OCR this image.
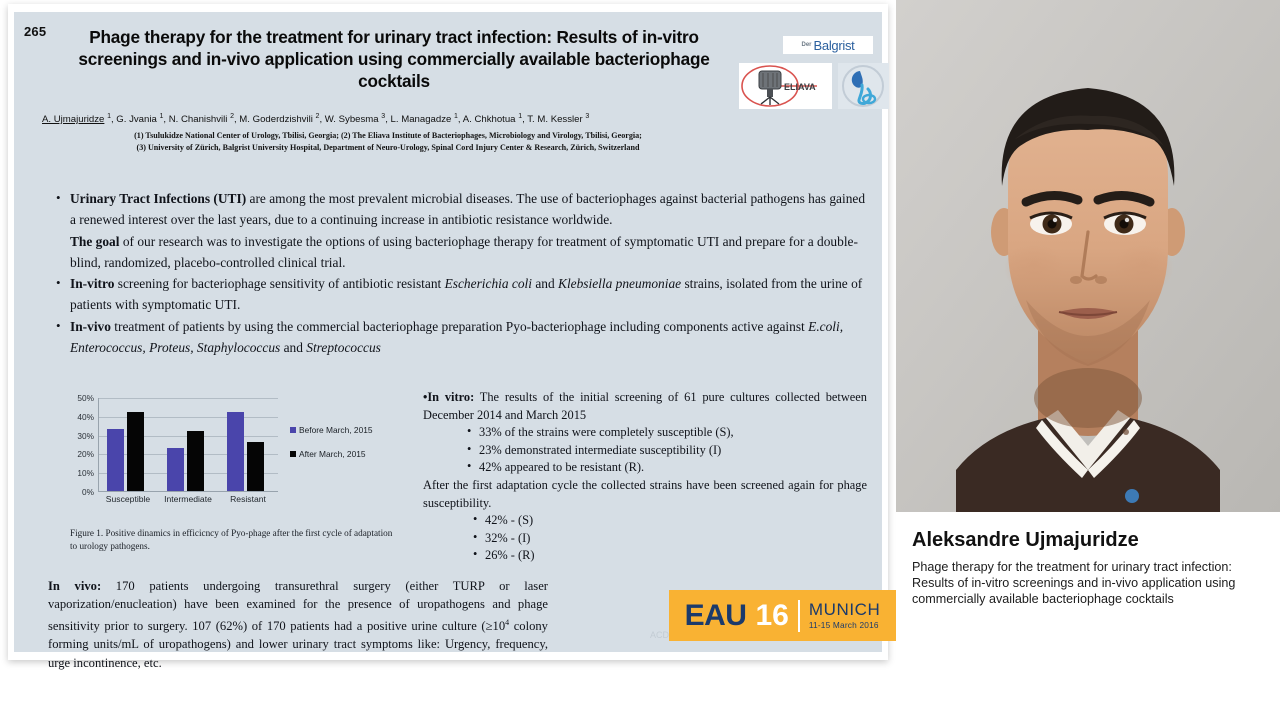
265	Phage therapy for the treatment for urinary tract infection: Results of in-vitro screenings and in-vivo application using commercially available bacteriophage cocktails
Der Balgrist
ELIAVA
A. Ujmajuridze $^1$, G. Jvania $^1$, N. Chanishvili $^2$, M. Goderdzishvili $^2$, W. Sybesma $^3$, L. Managadze $^1$, A. Chkhotua $^1$, T. M. Kessler $^3$
(1) Tsulukidze National Center of Urology, Tbilisi, Georgia; (2) The Eliava Institute of Bacteriophages, Microbiology and Virology, Tbilisi, Georgia;
(3) University of Zürich, Balgrist University Hospital, Department of Neuro-Urology, Spinal Cord Injury Center & Research, Zürich, Switzerland
• Urinary Tract Infections (UTI) are among the most prevalent microbial diseases. The use of bacteriophages against bacterial pathogens has gained a renewed interest over the last years, due to a continuing increase in antibiotic resistance worldwide.
The goal of our research was to investigate the options of using bacteriophage therapy for treatment of symptomatic UTI and prepare for a double-blind, randomized, placebo-controlled clinical trial.
• In-vitro screening for bacteriophage sensitivity of antibiotic resistant Escherichia coli and Klebsiella pneumoniae strains, isolated from the urine of patients with symptomatic UTI.
• In-vivo treatment of patients by using the commercial bacteriophage preparation Pyo-bacteriophage including components active against E.coli, Enterococcus, Proteus, Staphylococcus and Streptococcus
0%
10%
20%
30%
40%
50%
Susceptible	Intermediate	Resistant
Before March, 2015
After March, 2015
Figure 1. Positive dinamics in efficicncy of Pyo-phage after the first cycle of adaptation to urology pathogens.
•In vitro: The results of the initial screening of 61 pure cultures collected between December 2014 and March 2015
• 33% of the strains were completely susceptible (S),
• 23% demonstrated intermediate susceptibility (I)
• 42% appeared to be resistant (R).
After the first adaptation cycle the collected strains have been screened again for phage susceptibility.
• 42% - (S)
• 32% - (I)
• 26% - (R)
In vivo: 170 patients undergoing transurethral surgery (either TURP or laser vaporization/enucleation) have been examined for the presence of uropathogens and phage sensitivity prior to surgery. 107 (62%) of 170 patients had a positive urine culture ($\ge 10^4$ colony forming units/mL of uropathogens) and lower urinary tract symptoms like: Urgency, frequency, urge incontinence, etc.
EAU 16 MUNICH
11-15 March 2016
ACD
Aleksandre Ujmajuridze
Phage therapy for the treatment for urinary tract infection: Results of in-vitro screenings and in-vivo application using commercially available bacteriophage cocktails
